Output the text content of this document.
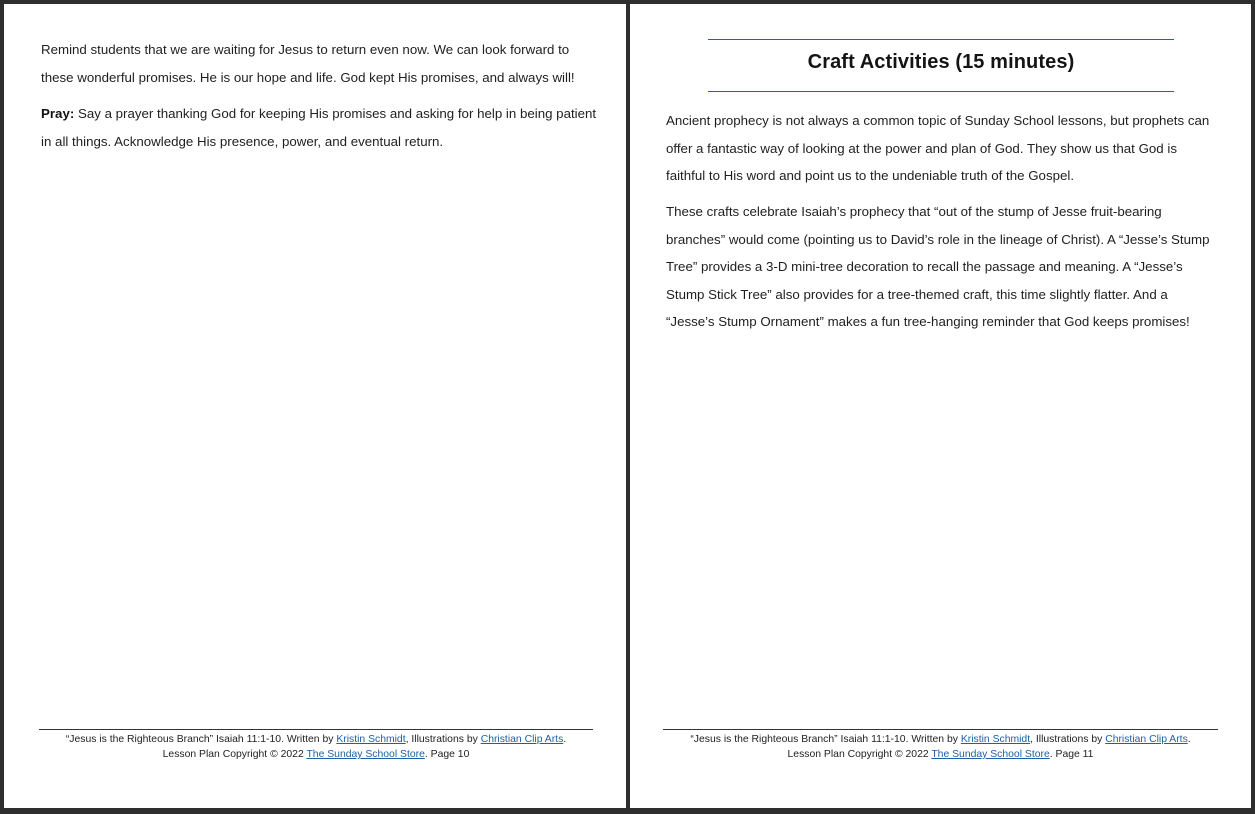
Remind students that we are waiting for Jesus to return even now. We can look forward to these wonderful promises. He is our hope and life. God kept His promises, and always will!

Pray: Say a prayer thanking God for keeping His promises and asking for help in being patient in all things. Acknowledge His presence, power, and eventual return.

“Jesus is the Righteous Branch” Isaiah 11:1-10. Written by Kristin Schmidt, Illustrations by Christian Clip Arts.
Lesson Plan Copyright © 2022 The Sunday School Store. Page 10
Craft Activities (15 minutes)

Ancient prophecy is not always a common topic of Sunday School lessons, but prophets can offer a fantastic way of looking at the power and plan of God. They show us that God is faithful to His word and point us to the undeniable truth of the Gospel.

These crafts celebrate Isaiah’s prophecy that “out of the stump of Jesse fruit-bearing branches” would come (pointing us to David’s role in the lineage of Christ). A “Jesse’s Stump Tree” provides a 3-D mini-tree decoration to recall the passage and meaning. A “Jesse’s Stump Stick Tree” also provides for a tree-themed craft, this time slightly flatter. And a “Jesse’s Stump Ornament” makes a fun tree-hanging reminder that God keeps promises!

“Jesus is the Righteous Branch” Isaiah 11:1-10. Written by Kristin Schmidt, Illustrations by Christian Clip Arts.
Lesson Plan Copyright © 2022 The Sunday School Store. Page 11
